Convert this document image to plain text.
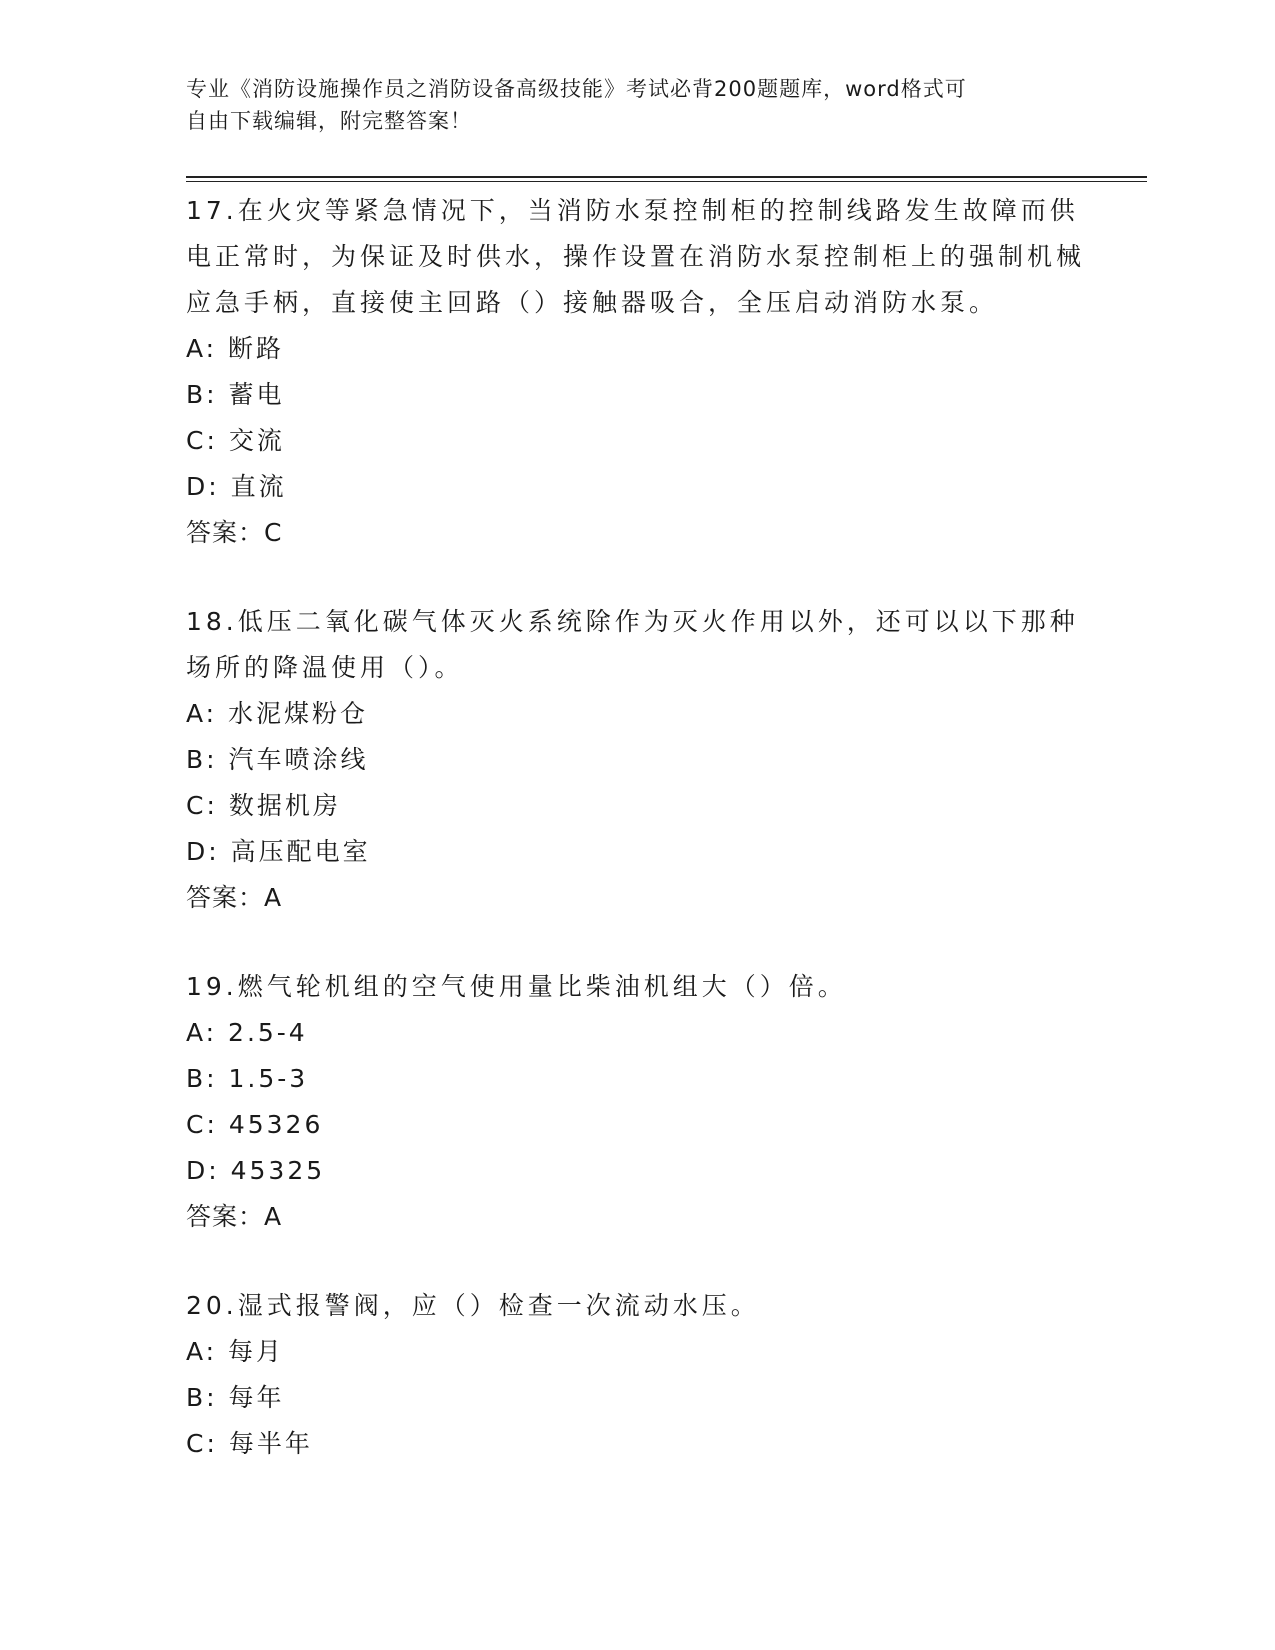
专业《消防设施操作员之消防设备高级技能》考试必背200题题库，word格式可
自由下载编辑，附完整答案！
17.在火灾等紧急情况下，当消防水泵控制柜的控制线路发生故障而供电正常时，为保证及时供水，操作设置在消防水泵控制柜上的强制机械应急手柄，直接使主回路（）接触器吸合，全压启动消防水泵。
A: 断路
B: 蓄电
C: 交流
D: 直流
答案：C
18.低压二氧化碳气体灭火系统除作为灭火作用以外，还可以以下那种场所的降温使用（）。
A: 水泥煤粉仓
B: 汽车喷涂线
C: 数据机房
D: 高压配电室
答案：A
19.燃气轮机组的空气使用量比柴油机组大（）倍。
A: 2.5-4
B: 1.5-3
C: 45326
D: 45325
答案：A
20.湿式报警阀，应（）检查一次流动水压。
A: 每月
B: 每年
C: 每半年
